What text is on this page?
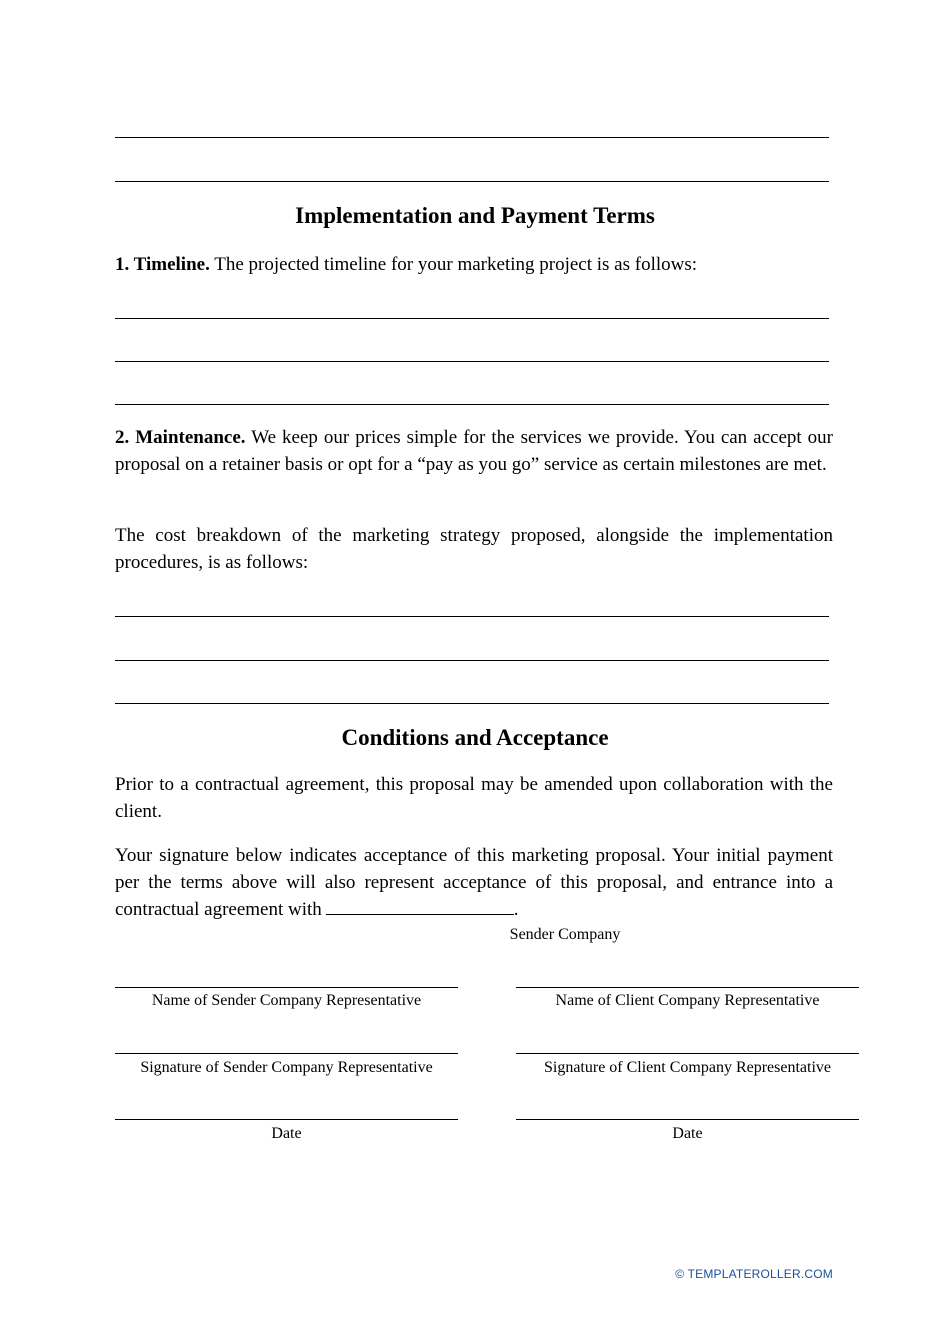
Implementation and Payment Terms

1. Timeline. The projected timeline for your marketing project is as follows:

2. Maintenance. We keep our prices simple for the services we provide. You can accept our proposal on a retainer basis or opt for a “pay as you go” service as certain milestones are met.

The cost breakdown of the marketing strategy proposed, alongside the implementation procedures, is as follows:

Conditions and Acceptance

Prior to a contractual agreement, this proposal may be amended upon collaboration with the client.

Your signature below indicates acceptance of this marketing proposal. Your initial payment per the terms above will also represent acceptance of this proposal, and entrance into a contractual agreement with	.

Sender Company
Name of Sender Company Representative	Name of Client Company Representative
Signature of Sender Company Representative	Signature of Client Company Representative
Date	Date
© TEMPLATEROLLER.COM
